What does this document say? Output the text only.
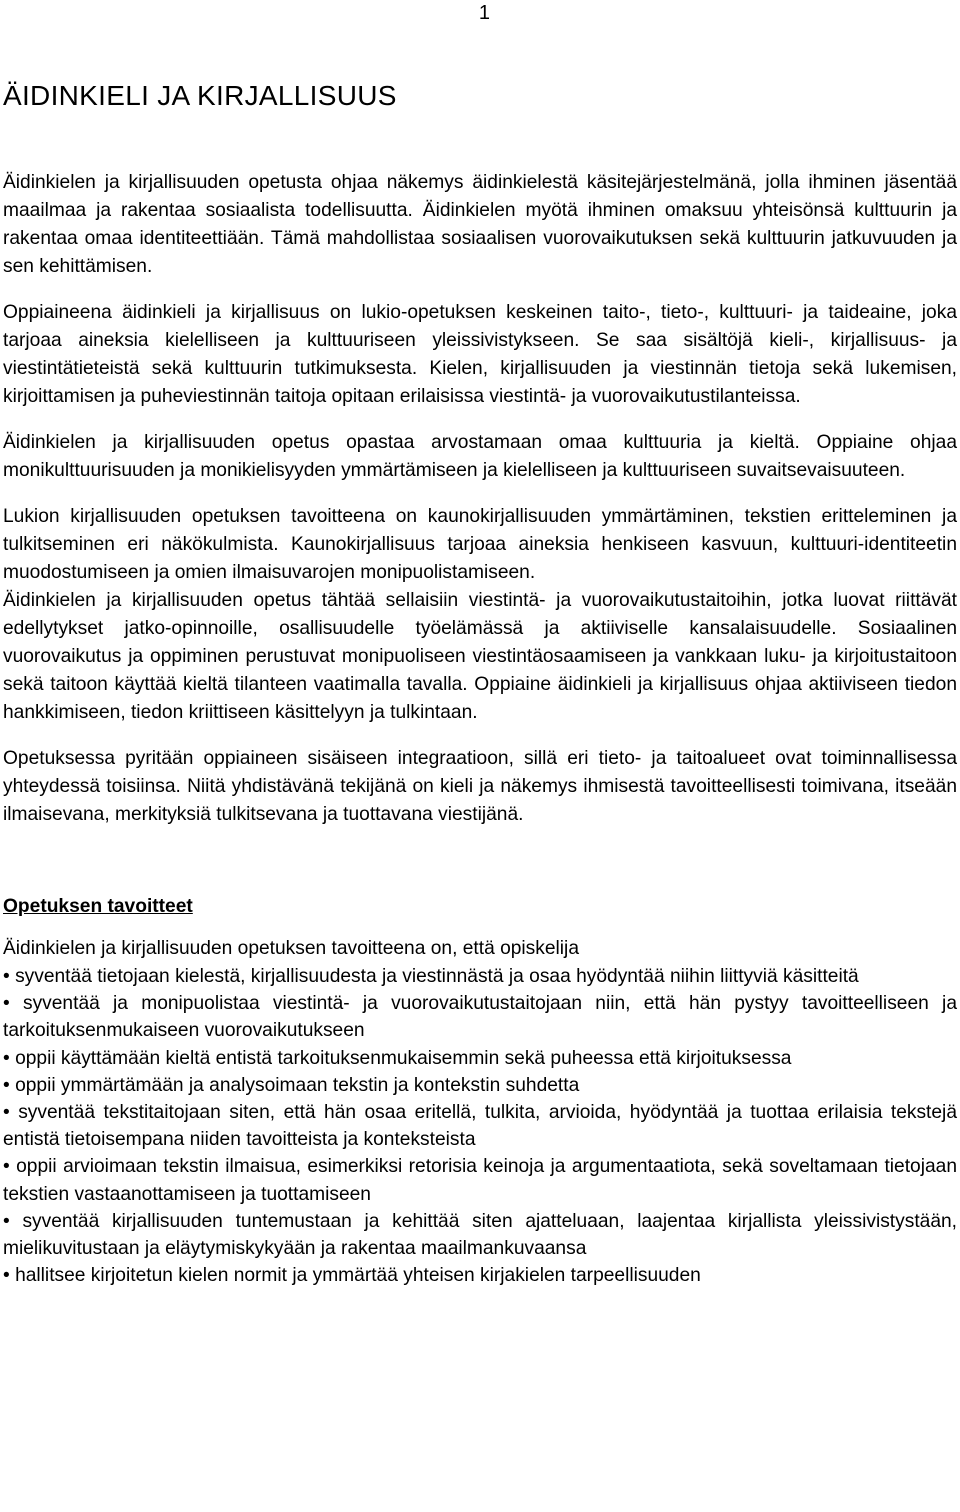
1
ÄIDINKIELI JA KIRJALLISUUS

Äidinkielen ja kirjallisuuden opetusta ohjaa näkemys äidinkielestä käsitejärjestelmänä, jolla ihminen jäsentää maailmaa ja rakentaa sosiaalista todellisuutta. Äidinkielen myötä ihminen omaksuu yhteisönsä kulttuurin ja rakentaa omaa identiteettiään. Tämä mahdollistaa sosiaalisen vuorovaikutuksen sekä kulttuurin jatkuvuuden ja sen kehittämisen.

Oppiaineena äidinkieli ja kirjallisuus on lukio-opetuksen keskeinen taito-, tieto-, kulttuuri- ja taideaine, joka tarjoaa aineksia kielelliseen ja kulttuuriseen yleissivistykseen. Se saa sisältöjä kieli-, kirjallisuus- ja viestintätieteistä sekä kulttuurin tutkimuksesta. Kielen, kirjallisuuden ja viestinnän tietoja sekä lukemisen, kirjoittamisen ja puheviestinnän taitoja opitaan erilaisissa viestintä- ja vuorovaikutustilanteissa.

Äidinkielen ja kirjallisuuden opetus opastaa arvostamaan omaa kulttuuria ja kieltä. Oppiaine ohjaa monikulttuurisuuden ja monikielisyyden ymmärtämiseen ja kielelliseen ja kulttuuriseen suvaitsevaisuuteen.

Lukion kirjallisuuden opetuksen tavoitteena on kaunokirjallisuuden ymmärtäminen, tekstien eritteleminen ja tulkitseminen eri näkökulmista. Kaunokirjallisuus tarjoaa aineksia henkiseen kasvuun, kulttuuri-identiteetin muodostumiseen ja omien ilmaisuvarojen monipuolistamiseen.

Äidinkielen ja kirjallisuuden opetus tähtää sellaisiin viestintä- ja vuorovaikutustaitoihin, jotka luovat riittävät edellytykset jatko-opinnoille, osallisuudelle työelämässä ja aktiiviselle kansalaisuudelle. Sosiaalinen vuorovaikutus ja oppiminen perustuvat monipuoliseen viestintäosaamiseen ja vankkaan luku- ja kirjoitustaitoon sekä taitoon käyttää kieltä tilanteen vaatimalla tavalla. Oppiaine äidinkieli ja kirjallisuus ohjaa aktiiviseen tiedon hankkimiseen, tiedon kriittiseen käsittelyyn ja tulkintaan.

Opetuksessa pyritään oppiaineen sisäiseen integraatioon, sillä eri tieto- ja taitoalueet ovat toiminnallisessa yhteydessä toisiinsa. Niitä yhdistävänä tekijänä on kieli ja näkemys ihmisestä tavoitteellisesti toimivana, itseään ilmaisevana, merkityksiä tulkitsevana ja tuottavana viestijänä.

Opetuksen tavoitteet

Äidinkielen ja kirjallisuuden opetuksen tavoitteena on, että opiskelija

• syventää tietojaan kielestä, kirjallisuudesta ja viestinnästä ja osaa hyödyntää niihin liittyviä käsitteitä
• syventää ja monipuolistaa viestintä- ja vuorovaikutustaitojaan niin, että hän pystyy tavoitteelliseen ja tarkoituksenmukaiseen vuorovaikutukseen
• oppii käyttämään kieltä entistä tarkoituksenmukaisemmin sekä puheessa että kirjoituksessa
• oppii ymmärtämään ja analysoimaan tekstin ja kontekstin suhdetta
• syventää tekstitaitojaan siten, että hän osaa eritellä, tulkita, arvioida, hyödyntää ja tuottaa erilaisia tekstejä entistä tietoisempana niiden tavoitteista ja konteksteista
• oppii arvioimaan tekstin ilmaisua, esimerkiksi retorisia keinoja ja argumentaatiota, sekä soveltamaan tietojaan tekstien vastaanottamiseen ja tuottamiseen
• syventää kirjallisuuden tuntemustaan ja kehittää siten ajatteluaan, laajentaa kirjallista yleissivistystään, mielikuvitustaan ja eläytymiskykyään ja rakentaa maailmankuvaansa
• hallitsee kirjoitetun kielen normit ja ymmärtää yhteisen kirjakielen tarpeellisuuden
